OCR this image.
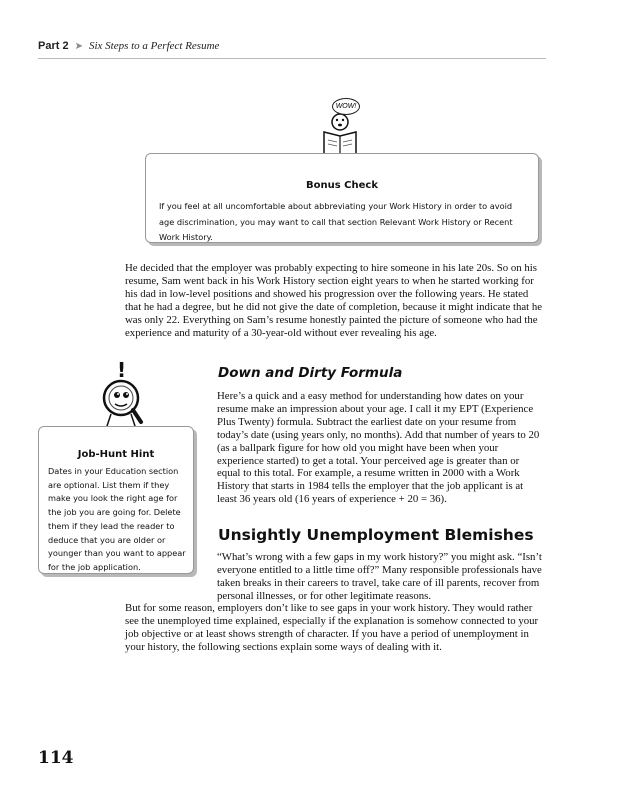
Part 2 ➤ Six Steps to a Perfect Resume
WOW!
Bonus Check
If you feel at all uncomfortable about abbreviating your Work History in order to avoid age discrimination, you may want to call that section Relevant Work History or Recent Work History.

He decided that the employer was probably expecting to hire someone in his late 20s. So on his resume, Sam went back in his Work History section eight years to when he started working for his dad in low-level positions and showed his progression over the following years. He stated that he had a degree, but he did not give the date of completion, because it might indicate that he was only 22. Everything on Sam’s resume honestly painted the picture of someone who had the experience and maturity of a 30-year-old without ever revealing his age.

!	Down and Dirty Formula

Here’s a quick and a easy method for understanding how dates on your resume make an impression about your age. I call it my EPT (Experience Plus Twenty) formula. Subtract the earliest date on your resume from today’s date (using years only, no months). Add that number of years to 20 (as a ballpark figure for how old you might have been when your experience started) to get a total. Your perceived age is greater than or equal to this total. For example, a resume written in 2000 with a Work History that starts in 1984 tells the employer that the job applicant is at least 36 years old (16 years of experience + 20 = 36).

Job-Hunt Hint
Dates in your Education section are optional. List them if they make you look the right age for the job you are going for. Delete them if they lead the reader to deduce that you are older or younger than you want to appear for the job application.
Unsightly Unemployment Blemishes

“What’s wrong with a few gaps in my work history?” you might ask. “Isn’t everyone entitled to a little time off?” Many responsible professionals have taken breaks in their careers to travel, take care of ill parents, recover from personal illnesses, or for other legitimate reasons.

But for some reason, employers don’t like to see gaps in your work history. They would rather see the unemployed time explained, especially if the explanation is somehow connected to your job objective or at least shows strength of character. If you have a period of unemployment in your history, the following sections explain some ways of dealing with it.

114
